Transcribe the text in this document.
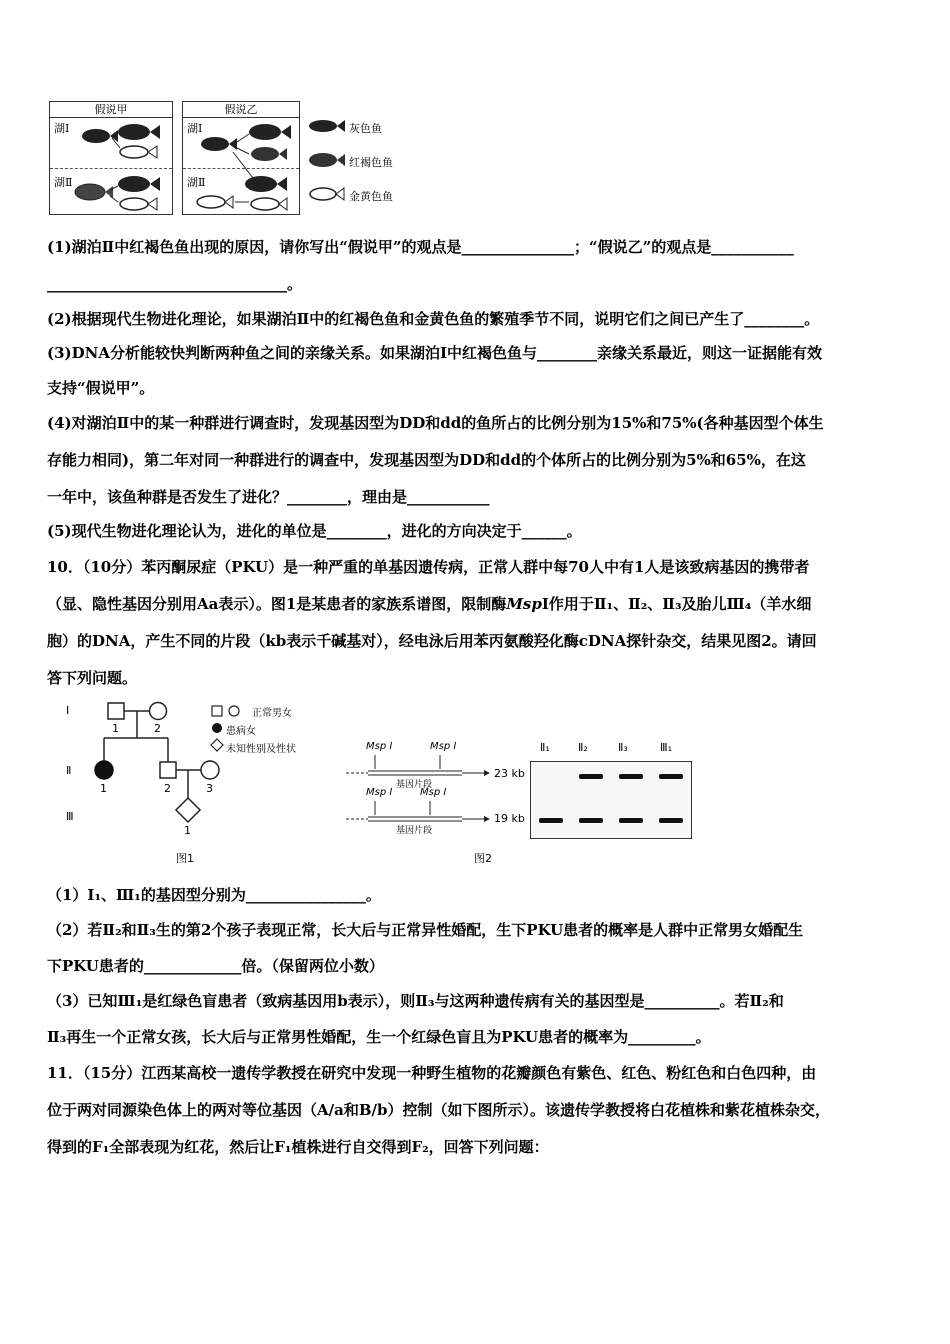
假说甲
湖Ⅰ
湖Ⅱ
假说乙
湖Ⅰ
湖Ⅱ
灰色鱼
红褐色鱼
金黄色鱼
(1)湖泊Ⅱ中红褐色鱼出现的原因，请你写出“假说甲”的观点是_______________；“假说乙”的观点是___________
________________________________。
(2)根据现代生物进化理论，如果湖泊Ⅱ中的红褐色鱼和金黄色鱼的繁殖季节不同，说明它们之间已产生了________。
(3)DNA分析能较快判断两种鱼之间的亲缘关系。如果湖泊Ⅰ中红褐色鱼与________亲缘关系最近，则这一证据能有效
支持“假说甲”。
(4)对湖泊Ⅱ中的某一种群进行调查时，发现基因型为DD和dd的鱼所占的比例分别为15%和75%(各种基因型个体生
存能力相同)，第二年对同一种群进行的调查中，发现基因型为DD和dd的个体所占的比例分别为5%和65%，在这
一年中，该鱼种群是否发生了进化？________，理由是___________
(5)现代生物进化理论认为，进化的单位是________，进化的方向决定于______。
10．（10分）苯丙酮尿症（PKU）是一种严重的单基因遗传病，正常人群中每70人中有1人是该致病基因的携带者
（显、隐性基因分别用Aa表示）。图1是某患者的家族系谱图，限制酶MspⅠ作用于Ⅱ₁、Ⅱ₂、Ⅱ₃及胎儿Ⅲ₄（羊水细
胞）的DNA，产生不同的片段（kb表示千碱基对），经电泳后用苯丙氨酸羟化酶cDNA探针杂交，结果见图2。请回
答下列问题。
Ⅰ
Ⅱ
Ⅲ
1	2
1	2	3
1
图1
正常男女
患病女
未知性别及性状	Msp I	Msp I
Msp I	Msp I
基因片段
基因片段
23 kb
19 kb
Ⅱ₁	Ⅱ₂	Ⅱ₃	Ⅲ₁
图2
（1）I₁、Ⅲ₁的基因型分别为________________。
（2）若Ⅱ₂和Ⅱ₃生的第2个孩子表现正常，长大后与正常异性婚配，生下PKU患者的概率是人群中正常男女婚配生
下PKU患者的_____________倍。（保留两位小数）
（3）已知Ⅲ₁是红绿色盲患者（致病基因用b表示），则Ⅱ₃与这两种遗传病有关的基因型是__________。若Ⅱ₂和
Ⅱ₃再生一个正常女孩，长大后与正常男性婚配，生一个红绿色盲且为PKU患者的概率为_________。
11．（15分）江西某高校一遗传学教授在研究中发现一种野生植物的花瓣颜色有紫色、红色、粉红色和白色四种，由
位于两对同源染色体上的两对等位基因（A/a和B/b）控制（如下图所示）。该遗传学教授将白花植株和紫花植株杂交，
得到的F₁全部表现为红花，然后让F₁植株进行自交得到F₂，回答下列问题：
